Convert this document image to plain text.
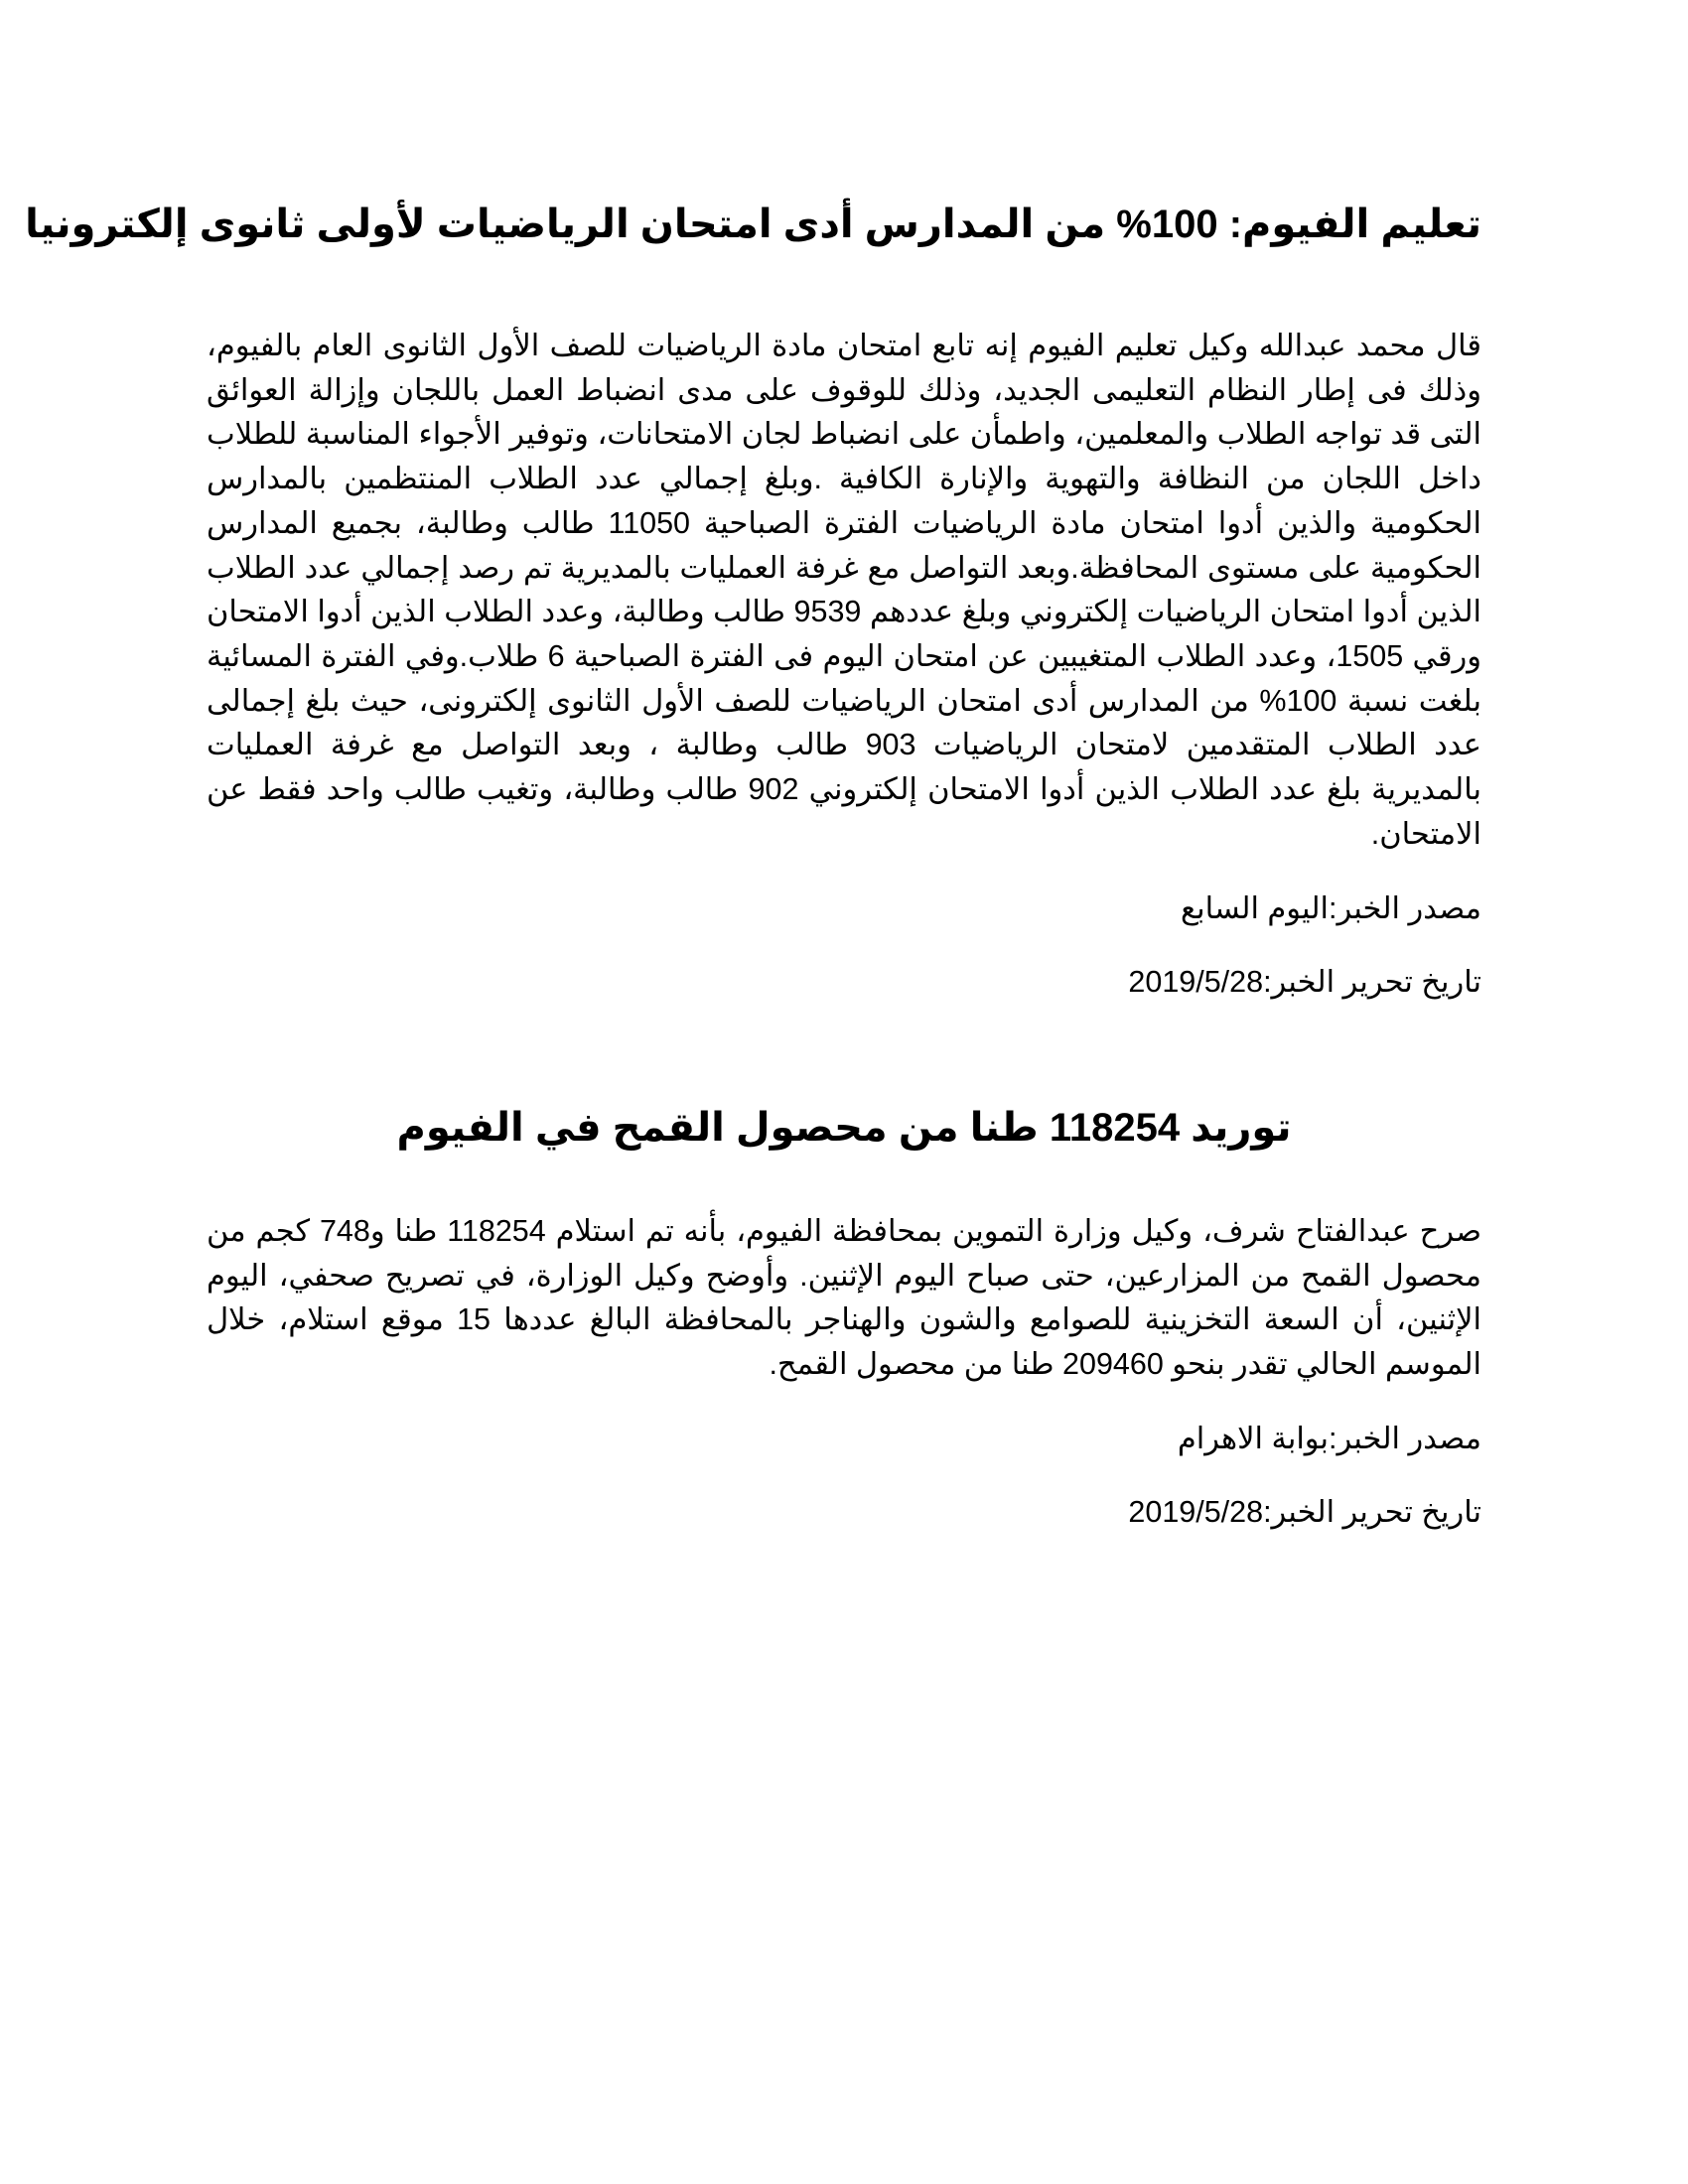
تعليم الفيوم: 100% من المدارس أدى امتحان الرياضيات لأولى ثانوى إلكترونيا

قال محمد عبدالله وكيل تعليم الفيوم إنه تابع امتحان مادة الرياضيات للصف الأول الثانوى العام بالفيوم، وذلك فى إطار النظام التعليمى الجديد، وذلك للوقوف على مدى انضباط العمل باللجان وإزالة العوائق التى قد تواجه الطلاب والمعلمين، واطمأن على انضباط لجان الامتحانات، وتوفير الأجواء المناسبة للطلاب داخل اللجان من النظافة والتهوية والإنارة الكافية .وبلغ إجمالي عدد الطلاب المنتظمين بالمدارس الحكومية والذين أدوا امتحان مادة الرياضيات الفترة الصباحية 11050 طالب وطالبة، بجميع المدارس الحكومية على مستوى المحافظة.وبعد التواصل مع غرفة العمليات بالمديرية تم رصد إجمالي عدد الطلاب الذين أدوا امتحان الرياضيات إلكتروني وبلغ عددهم 9539 طالب وطالبة، وعدد الطلاب الذين أدوا الامتحان ورقي 1505، وعدد الطلاب المتغيبين عن امتحان اليوم فى الفترة الصباحية 6 طلاب.وفي الفترة المسائية بلغت نسبة 100% من المدارس أدى امتحان الرياضيات للصف الأول الثانوى إلكترونى، حيث بلغ إجمالى عدد الطلاب المتقدمين لامتحان الرياضيات 903 طالب وطالبة ، وبعد التواصل مع غرفة العمليات بالمديرية بلغ عدد الطلاب الذين أدوا الامتحان إلكتروني 902 طالب وطالبة، وتغيب طالب واحد فقط عن الامتحان.

مصدر الخبر:اليوم السابع

تاريخ تحرير الخبر:2019/5/28

توريد 118254 طنا من محصول القمح في الفيوم

صرح عبدالفتاح شرف، وكيل وزارة التموين بمحافظة الفيوم، بأنه تم استلام 118254 طنا و748 كجم من محصول القمح من المزارعين، حتى صباح اليوم الإثنين. وأوضح وكيل الوزارة، في تصريح صحفي، اليوم الإثنين، أن السعة التخزينية للصوامع والشون والهناجر بالمحافظة البالغ عددها 15 موقع استلام، خلال الموسم الحالي تقدر بنحو 209460 طنا من محصول القمح.

مصدر الخبر:بوابة الاهرام

تاريخ تحرير الخبر:2019/5/28
